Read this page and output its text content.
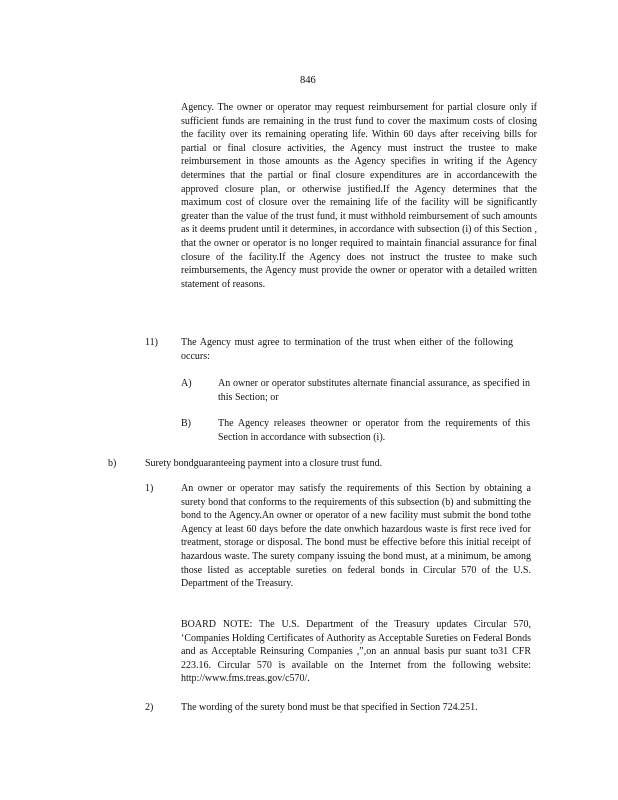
846
Agency. The owner or operator may request reimbursement for partial closure only if sufficient funds are remaining in the trust fund to cover the maximum costs of closing the facility over its remaining operating life. Within 60 days after receiving bills for partial or final closure activities, the Agency must instruct the trustee to make reimbursement in those amounts as the Agency specifies in writing if the Agency determines that the partial or final closure expenditures are in accordancewith the approved closure plan, or otherwise justified.If the Agency determines that the maximum cost of closure over the remaining life of the facility will be significantly greater than the value of the trust fund, it must withhold reimbursement of such amounts as it deems prudent until it determines, in accordance with subsection (i) of this Section , that the owner or operator is no longer required to maintain financial assurance for final closure of the facility.If the Agency does not instruct the trustee to make such reimbursements, the Agency must provide the owner or operator with a detailed written statement of reasons.
11) The Agency must agree to termination of the trust when either of the following occurs:
A)	An owner or operator substitutes alternate financial assurance, as specified in this Section; or
B)	The Agency releases theowner or operator from the requirements of this Section in accordance with subsection (i).
b)	Surety bondguaranteeing payment into a closure trust fund.
1)	An owner or operator may satisfy the requirements of this Section by obtaining a surety bond that conforms to the requirements of this subsection (b) and submitting the bond to the Agency.An owner or operator of a new facility must submit the bond tothe Agency at least 60 days before the date onwhich hazardous waste is first rece ived for treatment, storage or disposal. The bond must be effective before this initial receipt of hazardous waste. The surety company issuing the bond must, at a minimum, be among those listed as acceptable sureties on federal bonds in Circular 570 of the U.S. Department of the Treasury.
BOARD NOTE: The U.S. Department of the Treasury updates Circular 570, ‘Companies Holding Certificates of Authority as Acceptable Sureties on Federal Bonds and as Acceptable Reinsuring Companies ,”,on an annual basis pur suant to31 CFR 223.16. Circular 570 is available on the Internet from the following website: http://www.fms.treas.gov/c570/.
2)	The wording of the surety bond must be that specified in Section 724.251.
